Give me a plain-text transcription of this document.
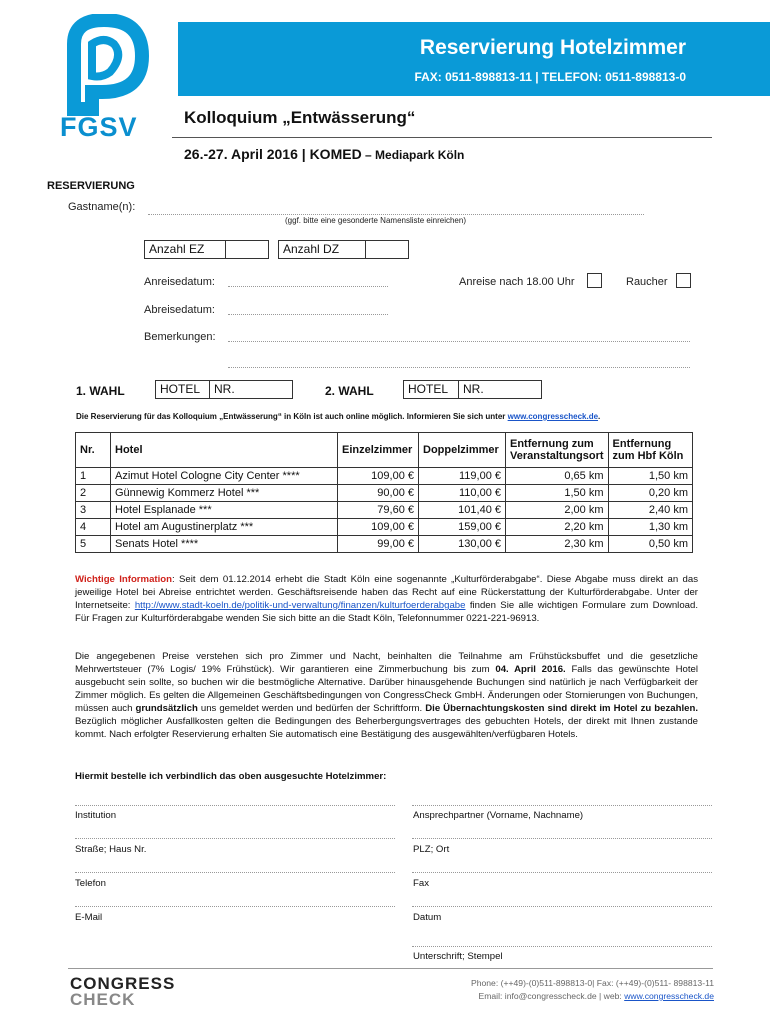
FGSV
Reservierung Hotelzimmer
FAX: 0511-898813-11 | TELEFON: 0511-898813-0
Kolloquium „Entwässerung“
26.-27. April 2016 | KOMED – Mediapark Köln
RESERVIERUNG
Gastname(n):
(ggf. bitte eine gesonderte Namensliste einreichen)
Anzahl EZ	Anzahl DZ
Anreisedatum:	Anreise nach 18.00 Uhr	Raucher
Abreisedatum:
Bemerkungen:
1. WAHL	HOTEL	NR.	2. WAHL	HOTEL	NR.
Die Reservierung für das Kolloquium „Entwässerung“ in Köln ist auch online möglich. Informieren Sie sich unter www.congresscheck.de.
Nr.	Hotel	Einzelzimmer	Doppelzimmer	Entfernung zum Veranstaltungsort	Entfernung zum Hbf Köln
1	Azimut Hotel Cologne City Center ****	109,00 €	119,00 €	0,65 km	1,50 km
2	Günnewig Kommerz Hotel ***	90,00 €	110,00 €	1,50 km	0,20 km
3	Hotel Esplanade ***	79,60 €	101,40 €	2,00 km	2,40 km
4	Hotel am Augustinerplatz ***	109,00 €	159,00 €	2,20 km	1,30 km
5	Senats Hotel ****	99,00 €	130,00 €	2,30 km	0,50 km
Wichtige Information: Seit dem 01.12.2014 erhebt die Stadt Köln eine sogenannte „Kulturförderabgabe“. Diese Abgabe muss direkt an das jeweilige Hotel bei Abreise entrichtet werden. Geschäftsreisende haben das Recht auf eine Rückerstattung der Kulturförderabgabe. Unter der Internetseite: http://www.stadt-koeln.de/politik-und-verwaltung/finanzen/kulturfoerderabgabe finden Sie alle wichtigen Formulare zum Download. Für Fragen zur Kulturförderabgabe wenden Sie sich bitte an die Stadt Köln, Telefonnummer 0221-221-96913.
Die angegebenen Preise verstehen sich pro Zimmer und Nacht, beinhalten die Teilnahme am Frühstücksbuffet und die gesetzliche Mehrwertsteuer (7% Logis/ 19% Frühstück). Wir garantieren eine Zimmerbuchung bis zum 04. April 2016. Falls das gewünschte Hotel ausgebucht sein sollte, so buchen wir die bestmögliche Alternative. Darüber hinausgehende Buchungen sind natürlich je nach Verfügbarkeit der Zimmer möglich. Es gelten die Allgemeinen Geschäftsbedingungen von CongressCheck GmbH. Änderungen oder Stornierungen von Buchungen, müssen auch grundsätzlich uns gemeldet werden und bedürfen der Schriftform. Die Übernachtungskosten sind direkt im Hotel zu bezahlen. Bezüglich möglicher Ausfallkosten gelten die Bedingungen des Beherbergungsvertrages des gebuchten Hotels, der direkt mit Ihnen zustande kommt. Nach erfolgter Reservierung erhalten Sie automatisch eine Bestätigung des ausgewählten/verfügbaren Hotels.
Hiermit bestelle ich verbindlich das oben ausgesuchte Hotelzimmer:
Institution	Ansprechpartner (Vorname, Nachname)
Straße; Haus Nr.	PLZ; Ort
Telefon	Fax
E-Mail	Datum
Unterschrift; Stempel
CONGRESS
CHECK
Phone: (++49)-(0)511-898813-0| Fax: (++49)-(0)511- 898813-11
Email: info@congresscheck.de | web: www.congresscheck.de
